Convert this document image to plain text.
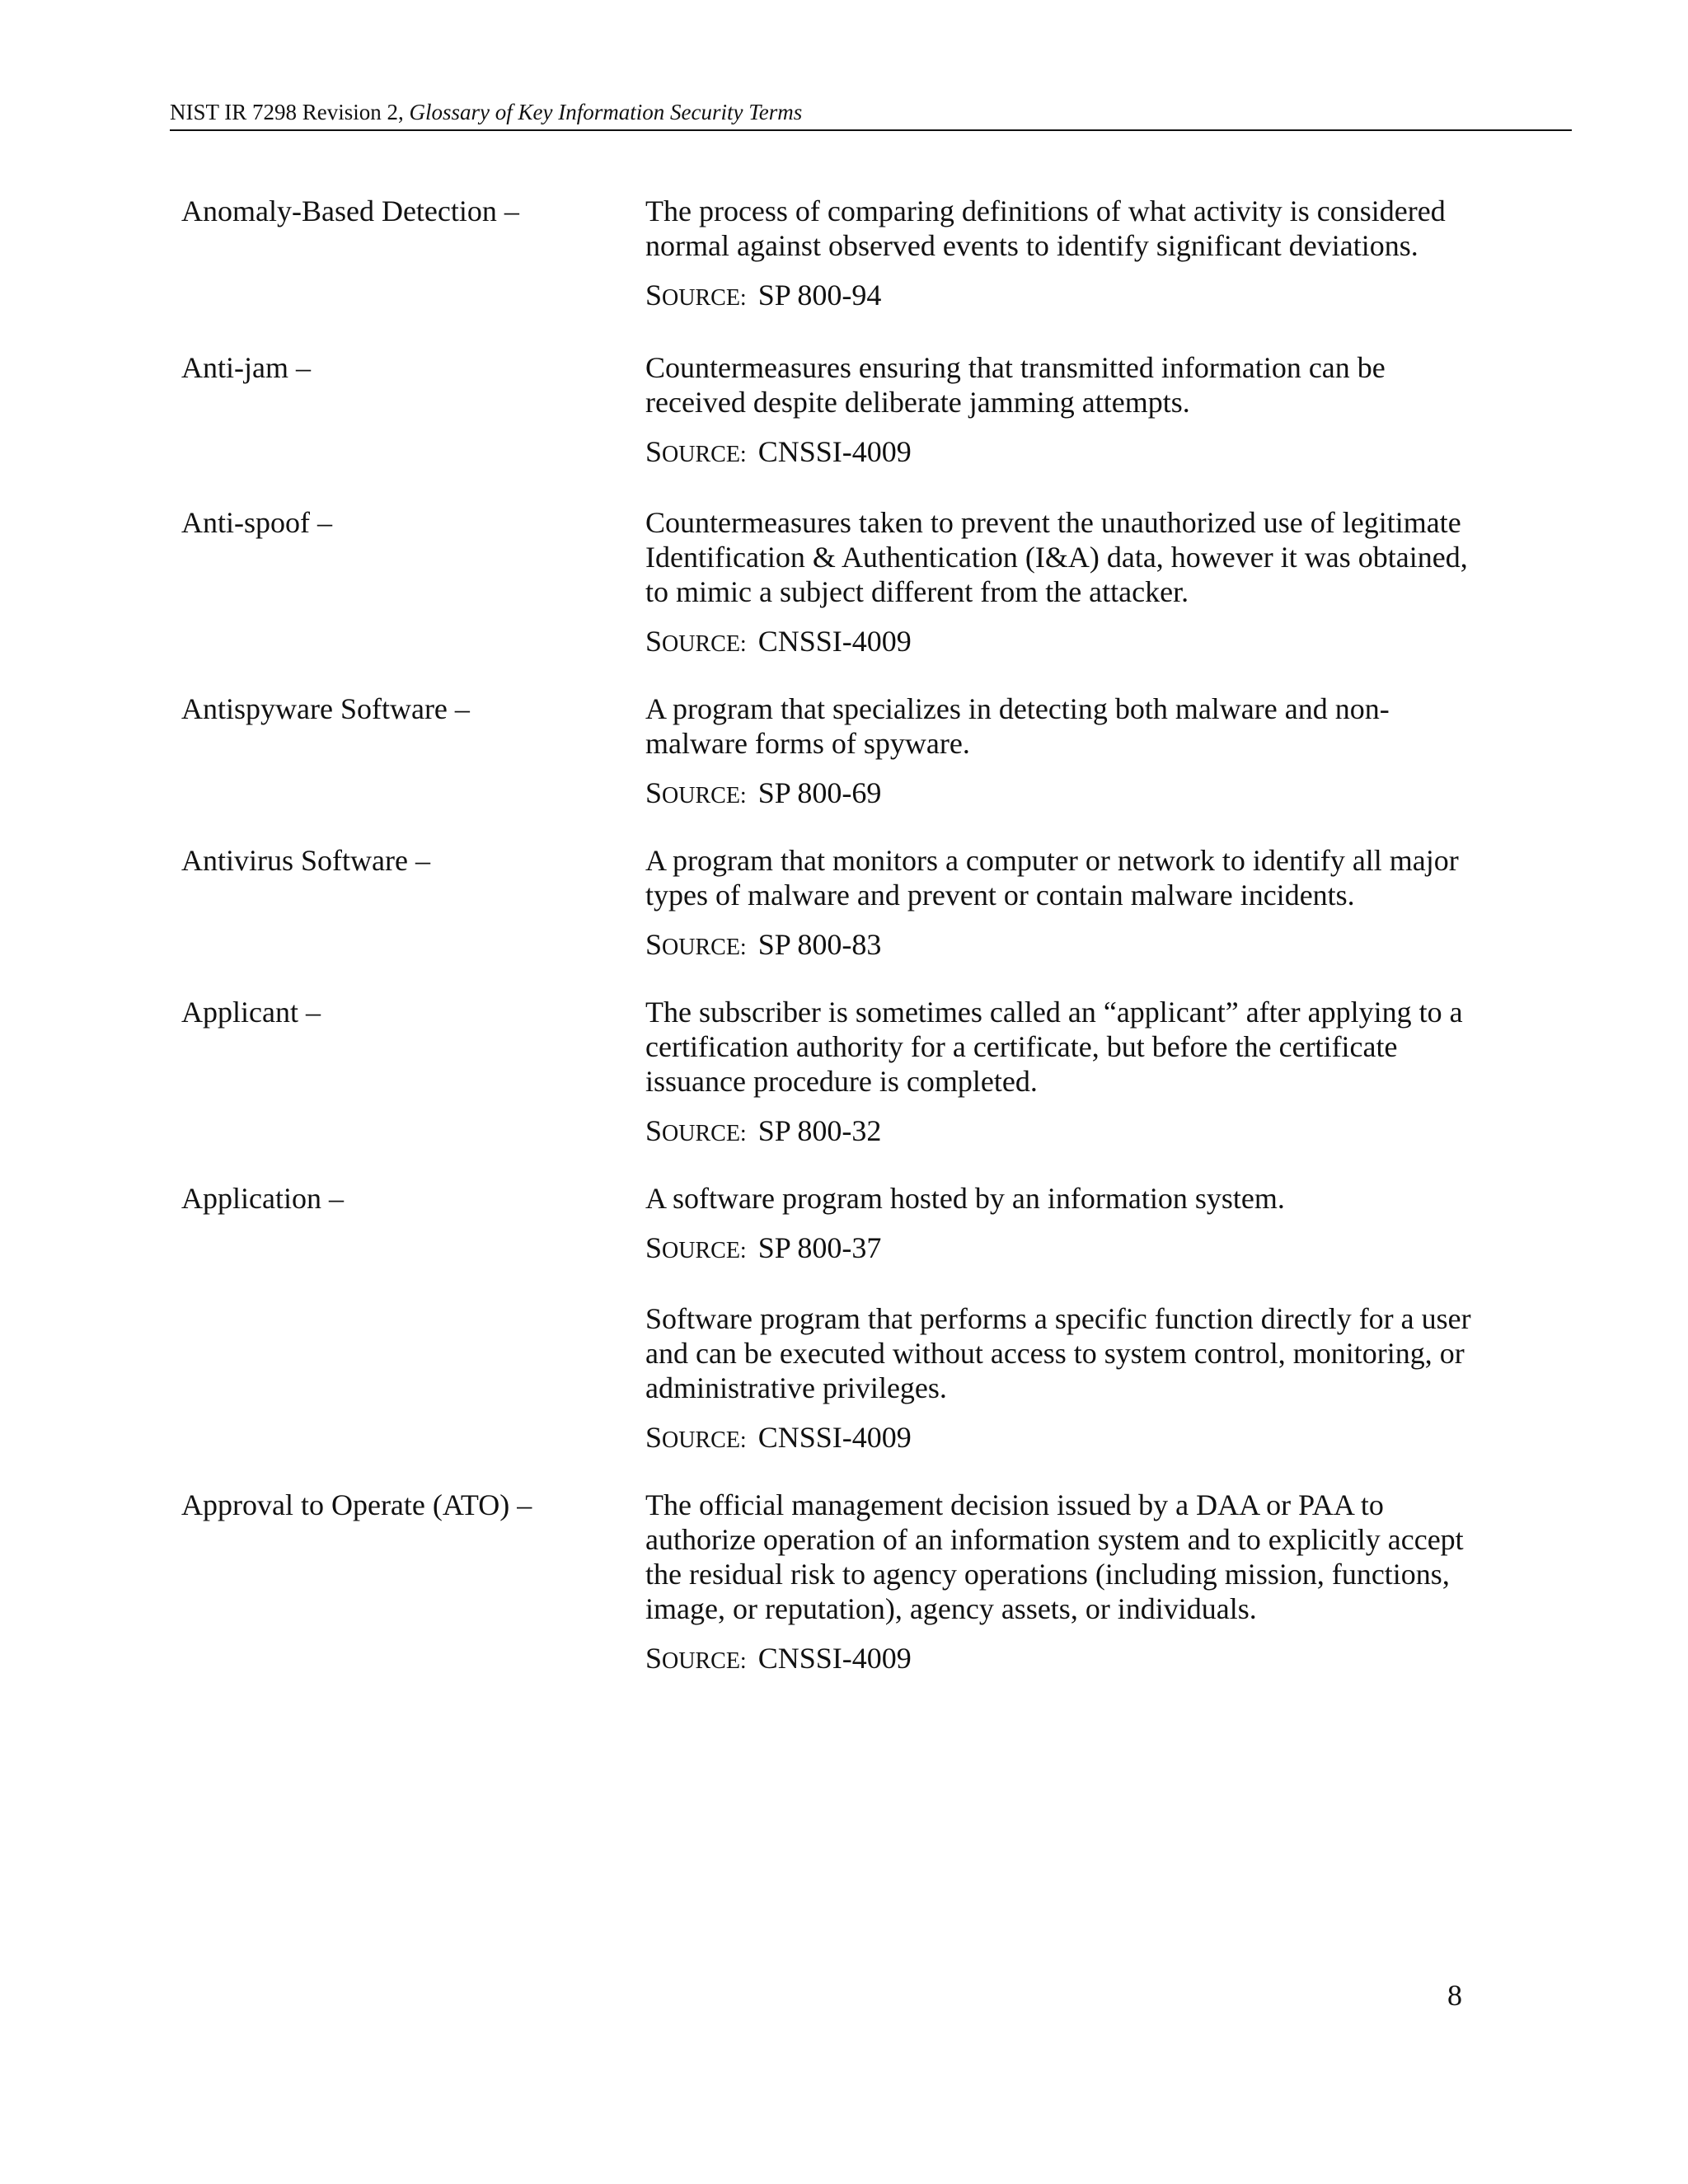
NIST IR 7298 Revision 2, Glossary of Key Information Security Terms
Anomaly-Based Detection –	The process of comparing definitions of what activity is considered
normal against observed events to identify significant deviations.
SOURCE: SP 800-94
Anti-jam –	Countermeasures ensuring that transmitted information can be
received despite deliberate jamming attempts.
SOURCE: CNSSI-4009
Anti-spoof –	Countermeasures taken to prevent the unauthorized use of legitimate
Identification & Authentication (I&A) data, however it was obtained,
to mimic a subject different from the attacker.
SOURCE: CNSSI-4009
Antispyware Software –	A program that specializes in detecting both malware and non-
malware forms of spyware.
SOURCE: SP 800-69
Antivirus Software –	A program that monitors a computer or network to identify all major
types of malware and prevent or contain malware incidents.
SOURCE: SP 800-83
Applicant –	The subscriber is sometimes called an “applicant” after applying to a
certification authority for a certificate, but before the certificate
issuance procedure is completed.
SOURCE: SP 800-32
Application –	A software program hosted by an information system.
SOURCE: SP 800-37
Software program that performs a specific function directly for a user
and can be executed without access to system control, monitoring, or
administrative privileges.
SOURCE: CNSSI-4009
Approval to Operate (ATO) –	The official management decision issued by a DAA or PAA to
authorize operation of an information system and to explicitly accept
the residual risk to agency operations (including mission, functions,
image, or reputation), agency assets, or individuals.
SOURCE: CNSSI-4009
8
